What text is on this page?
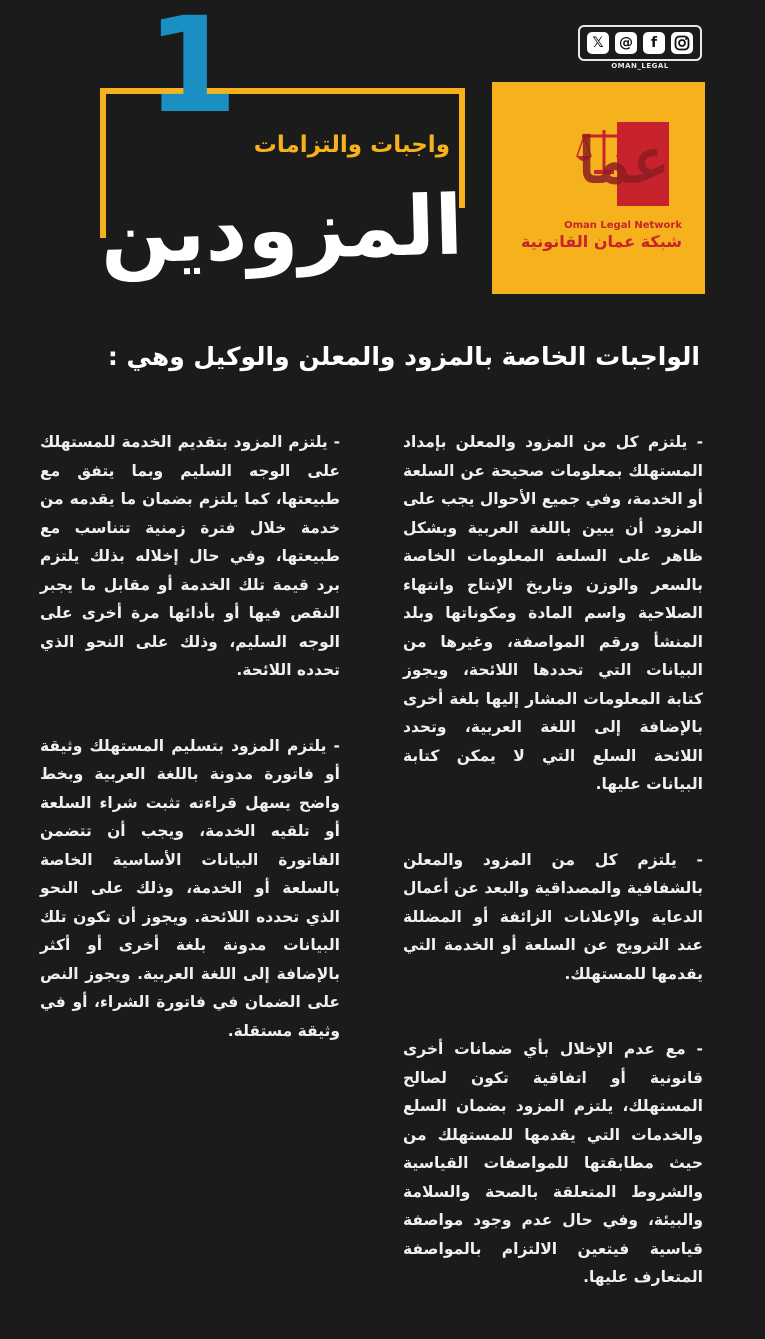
1
واجبات والتزامات
المزودين
عما
Oman Legal Network
شبكة عمان القانونية
𝕏	@	f
OMAN_LEGAL
الواجبات الخاصة بالمزود والمعلن والوكيل وهي :

- يلتزم كل من المزود والمعلن بإمداد المستهلك بمعلومات صحيحة عن السلعة أو الخدمة، وفي جميع الأحوال يجب على المزود أن يبين باللغة العربية وبشكل ظاهر على السلعة المعلومات الخاصة بالسعر والوزن وتاريخ الإنتاج وانتهاء الصلاحية واسم المادة ومكوناتها وبلد المنشأ ورقم المواصفة، وغيرها من البيانات التي تحددها اللائحة، ويجوز كتابة المعلومات المشار إليها بلغة أخرى بالإضافة إلى اللغة العربية، وتحدد اللائحة السلع التي لا يمكن كتابة البيانات عليها.

- يلتزم كل من المزود والمعلن بالشفافية والمصداقية والبعد عن أعمال الدعاية والإعلانات الزائفة أو المضللة عند الترويج عن السلعة أو الخدمة التي يقدمها للمستهلك.

- مع عدم الإخلال بأي ضمانات أخرى قانونية أو اتفاقية تكون لصالح المستهلك، يلتزم المزود بضمان السلع والخدمات التي يقدمها للمستهلك من حيث مطابقتها للمواصفات القياسية والشروط المتعلقة بالصحة والسلامة والبيئة، وفي حال عدم وجود مواصفة قياسية فيتعين الالتزام بالمواصفة المتعارف عليها.

- يلتزم المزود بتقديم الخدمة للمستهلك على الوجه السليم وبما يتفق مع طبيعتها، كما يلتزم بضمان ما يقدمه من خدمة خلال فترة زمنية تتناسب مع طبيعتها، وفي حال إخلاله بذلك يلتزم برد قيمة تلك الخدمة أو مقابل ما يجبر النقص فيها أو بأدائها مرة أخرى على الوجه السليم، وذلك على النحو الذي تحدده اللائحة.

- يلتزم المزود بتسليم المستهلك وثيقة أو فاتورة مدونة باللغة العربية وبخط واضح يسهل قراءته تثبت شراء السلعة أو تلقيه الخدمة، ويجب أن تتضمن الفاتورة البيانات الأساسية الخاصة بالسلعة أو الخدمة، وذلك على النحو الذي تحدده اللائحة. ويجوز أن تكون تلك البيانات مدونة بلغة أخرى أو أكثر بالإضافة إلى اللغة العربية. ويجوز النص على الضمان في فاتورة الشراء، أو في وثيقة مستقلة.
